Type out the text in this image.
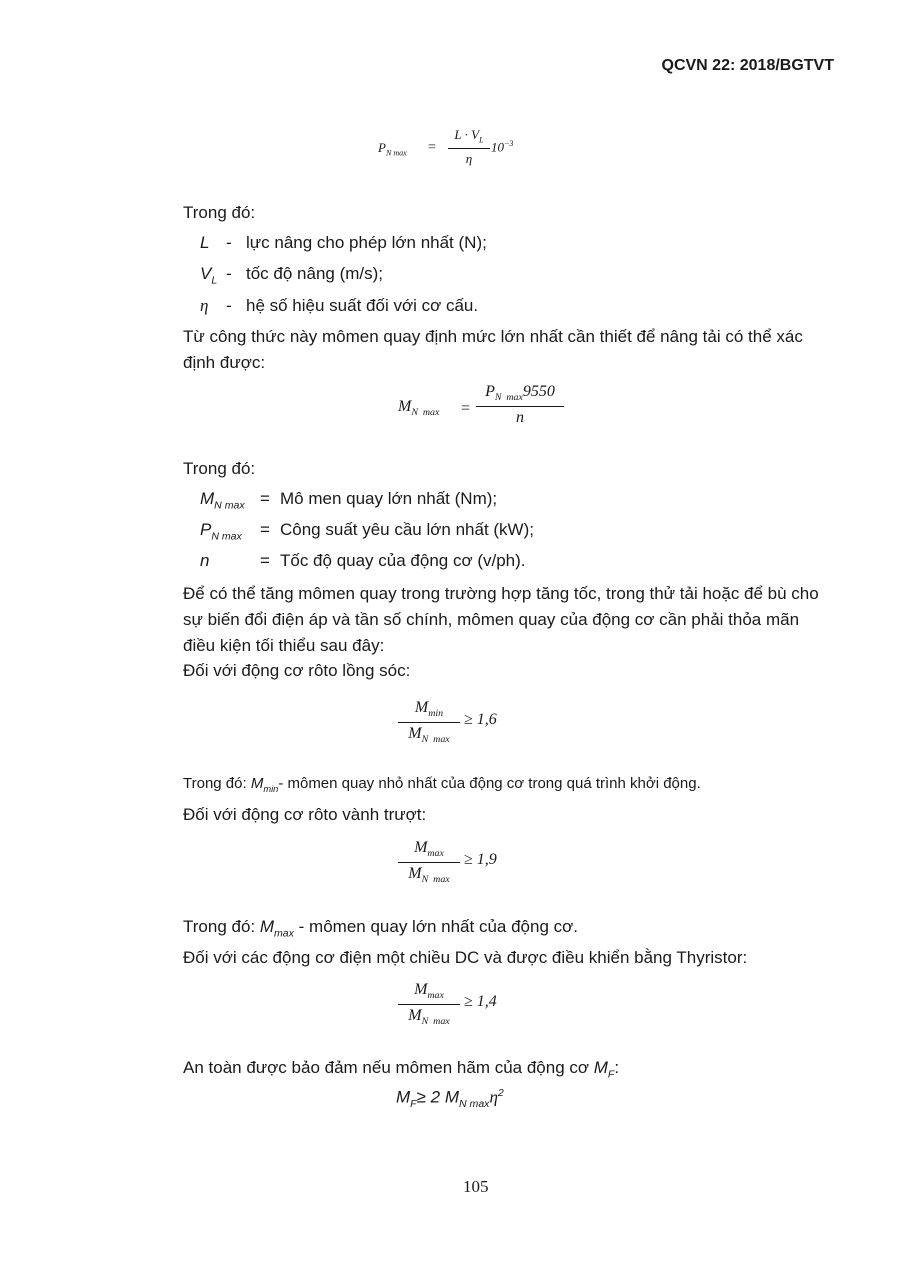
QCVN 22: 2018/BGTVT
$P_{N max}$ =
$L \cdot V_L$
η
$10^{-3}$
Trong đó:
L - lực nâng cho phép lớn nhất (N);
$V_L$ - tốc độ nâng (m/s);
η	- hệ số hiệu suất đối với cơ cấu.
Từ công thức này mômen quay định mức lớn nhất cần thiết để nâng tải có thể xác định được:
$M_{N max}$ =
$P_{N max}9550$
n
Trong đó:
$M_{N max}$ = Mô men quay lớn nhất (Nm);
$P_{N max}$	= Công suất yêu cầu lớn nhất (kW);
n	= Tốc độ quay của động cơ (v/ph).
Để có thể tăng mômen quay trong trường hợp tăng tốc, trong thử tải hoặc để bù cho sự biến đổi điện áp và tần số chính, mômen quay của động cơ cần phải thỏa mãn điều kiện tối thiểu sau đây:
Đối với động cơ rôto lồng sóc:
$M_{min}$
$M_{N max}$
≥ 1,6
Trong đó: $M_{min}-$ mômen quay nhỏ nhất của động cơ trong quá trình khởi động.
Đối với động cơ rôto vành trượt:
$M_{max}$
$M_{N max}$
≥ 1,9
Trong đó: $M_{max}$ - mômen quay lớn nhất của động cơ.
Đối với các động cơ điện một chiều DC và được điều khiển bằng Thyristor:
$M_{max}$
$M_{N max}$
≥ 1,4
An toàn được bảo đảm nếu mômen hãm của động cơ $M_F$:
$M_F\ge 2$ $M_{N max}\eta^2$
105
